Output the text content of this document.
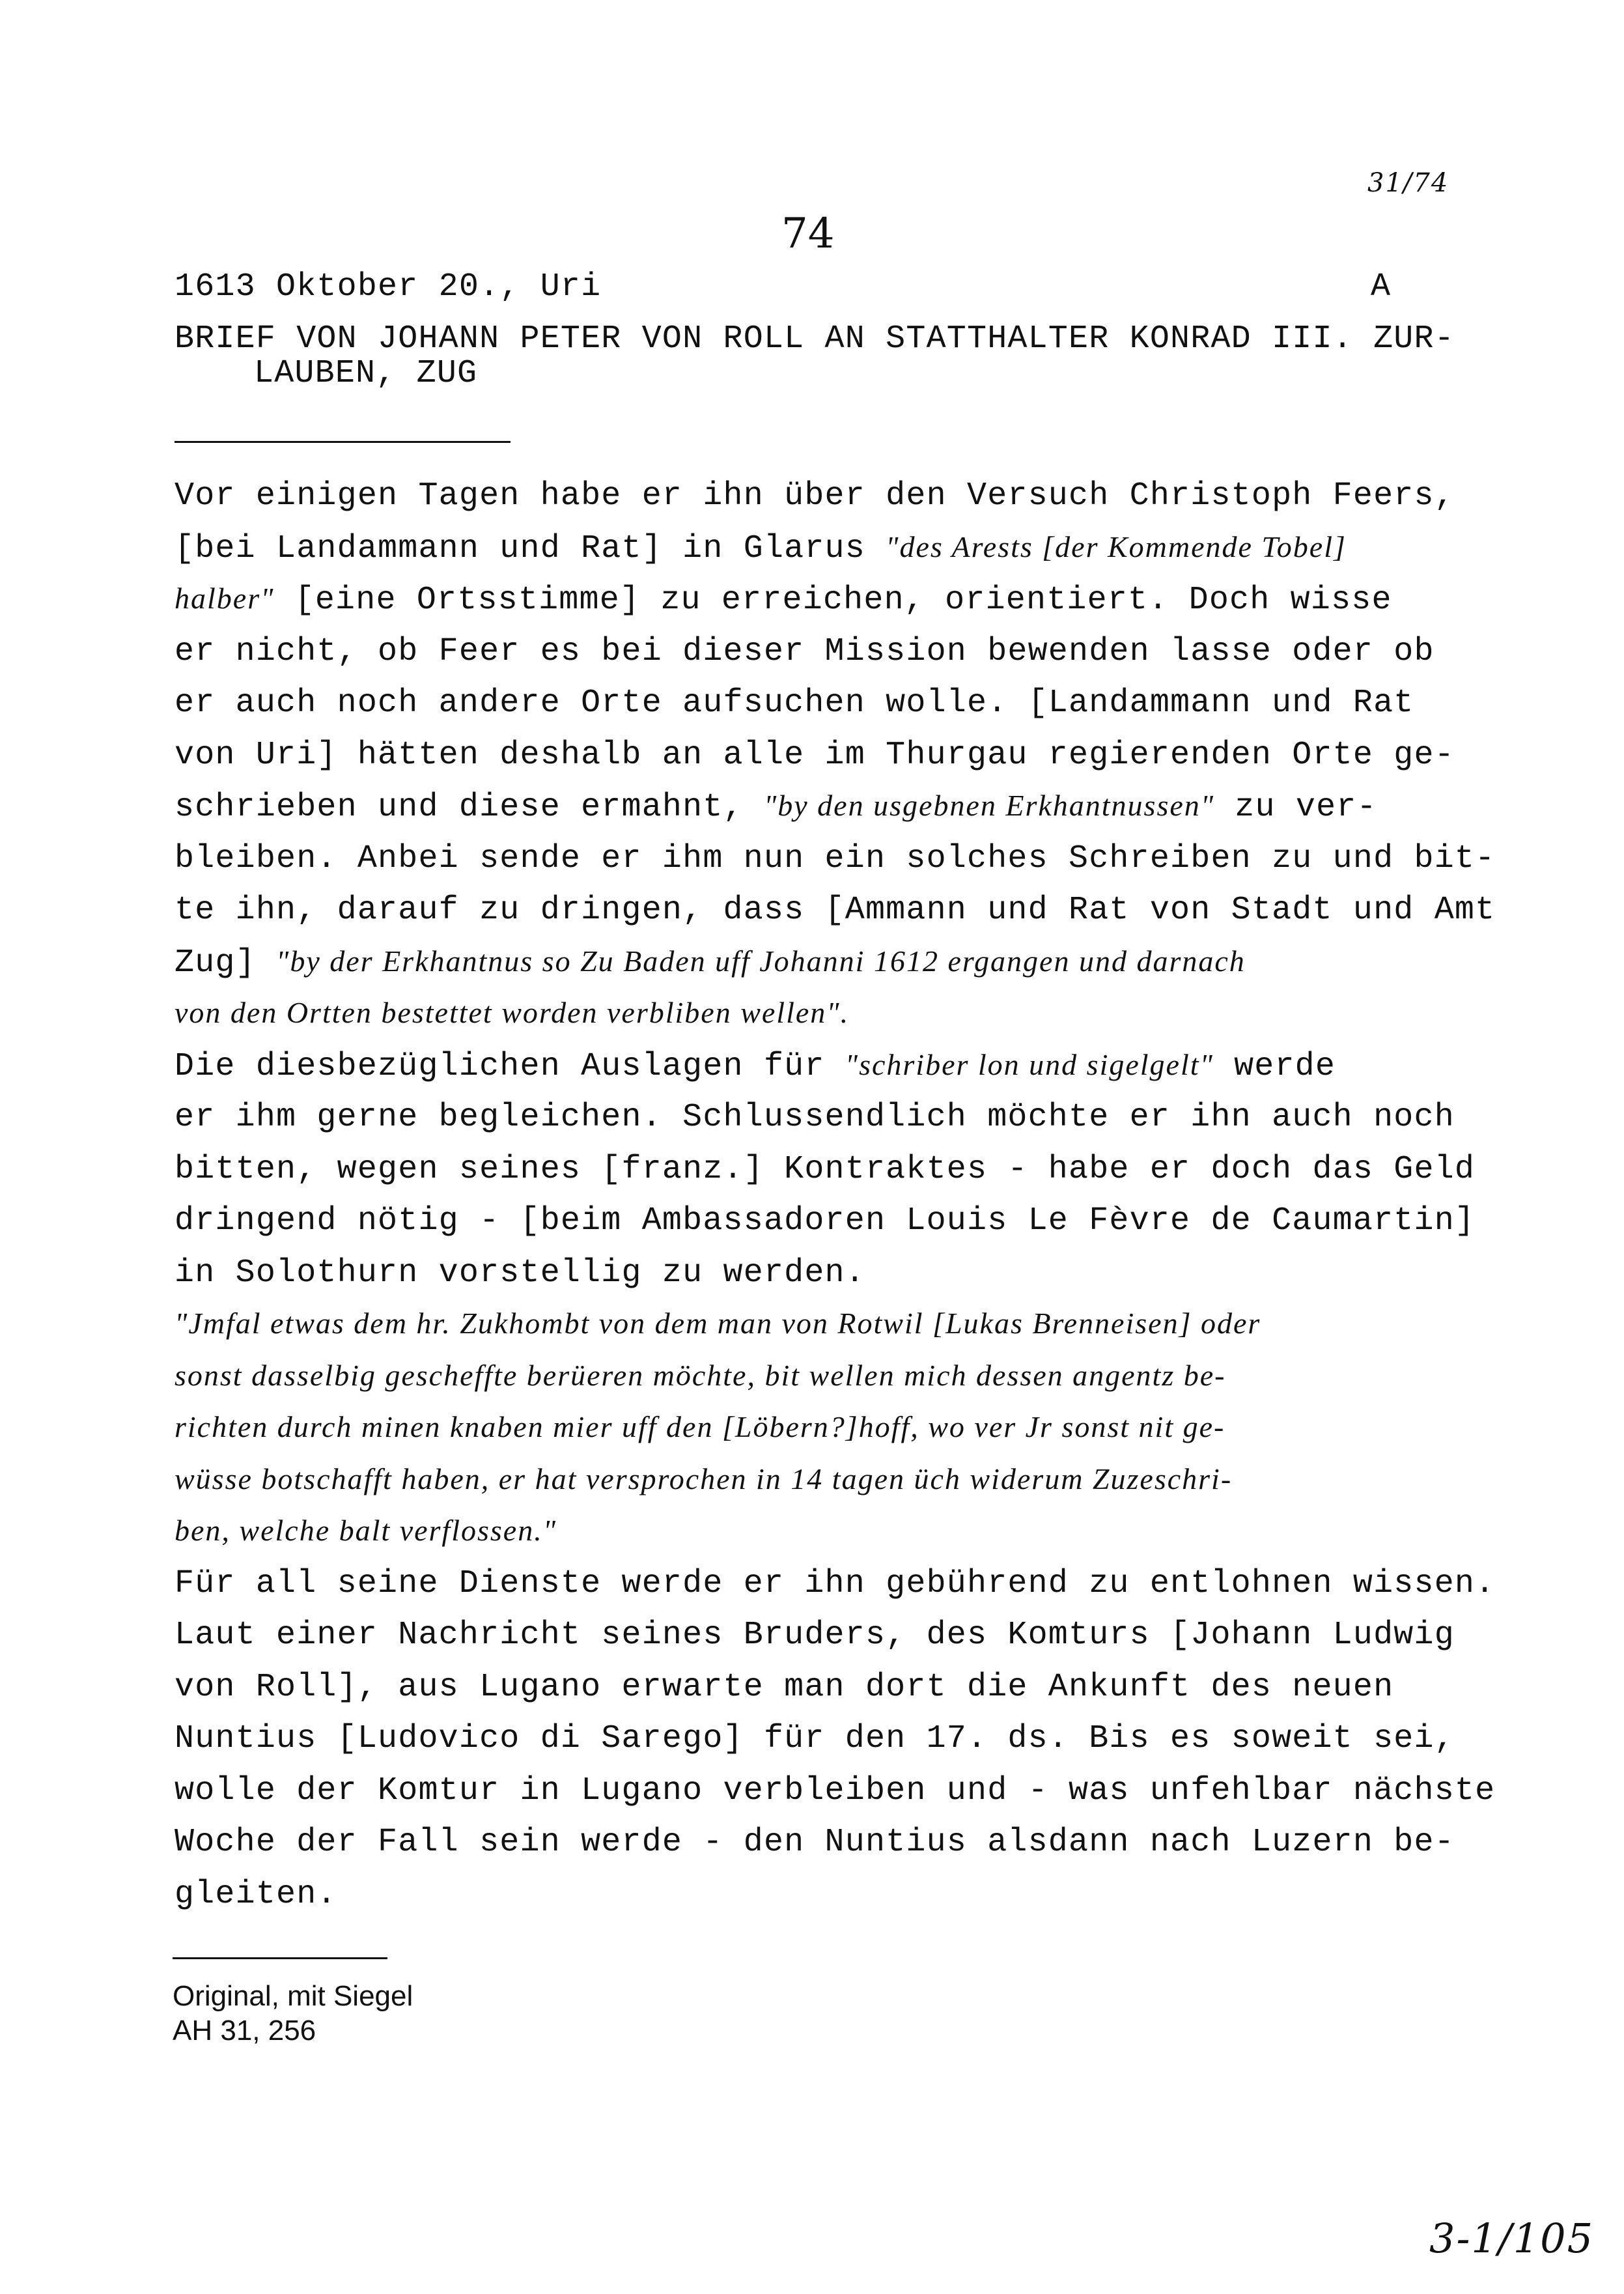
31/74
74
1613 Oktober 20., Uri	A
BRIEF VON JOHANN PETER VON ROLL AN STATTHALTER KONRAD III. ZUR-
LAUBEN, ZUG
Vor einigen Tagen habe er ihn über den Versuch Christoph Feers,
[bei Landammann und Rat] in Glarus "des Arests [der Kommende Tobel]
halber" [eine Ortsstimme] zu erreichen, orientiert. Doch wisse
er nicht, ob Feer es bei dieser Mission bewenden lasse oder ob
er auch noch andere Orte aufsuchen wolle. [Landammann und Rat
von Uri] hätten deshalb an alle im Thurgau regierenden Orte ge-
schrieben und diese ermahnt, "by den usgebnen Erkhantnussen" zu ver-
bleiben. Anbei sende er ihm nun ein solches Schreiben zu und bit-
te ihn, darauf zu dringen, dass [Ammann und Rat von Stadt und Amt
Zug] "by der Erkhantnus so Zu Baden uff Johanni 1612 ergangen und darnach
von den Ortten bestettet worden verbliben wellen".
Die diesbezüglichen Auslagen für "schriber lon und sigelgelt" werde
er ihm gerne begleichen. Schlussendlich möchte er ihn auch noch
bitten, wegen seines [franz.] Kontraktes - habe er doch das Geld
dringend nötig - [beim Ambassadoren Louis Le Fèvre de Caumartin]
in Solothurn vorstellig zu werden.
"Jmfal etwas dem hr. Zukhombt von dem man von Rotwil [Lukas Brenneisen] oder
sonst dasselbig gescheffte berüeren möchte, bit wellen mich dessen angentz be-
richten durch minen knaben mier uff den [Löbern?]hoff, wo ver Jr sonst nit ge-
wüsse botschafft haben, er hat versprochen in 14 tagen üch widerum Zuzeschri-
ben, welche balt verflossen."
Für all seine Dienste werde er ihn gebührend zu entlohnen wissen.
Laut einer Nachricht seines Bruders, des Komturs [Johann Ludwig
von Roll], aus Lugano erwarte man dort die Ankunft des neuen
Nuntius [Ludovico di Sarego] für den 17. ds. Bis es soweit sei,
wolle der Komtur in Lugano verbleiben und - was unfehlbar nächste
Woche der Fall sein werde - den Nuntius alsdann nach Luzern be-
gleiten.
Original, mit Siegel
AH 31, 256
3-1/105
